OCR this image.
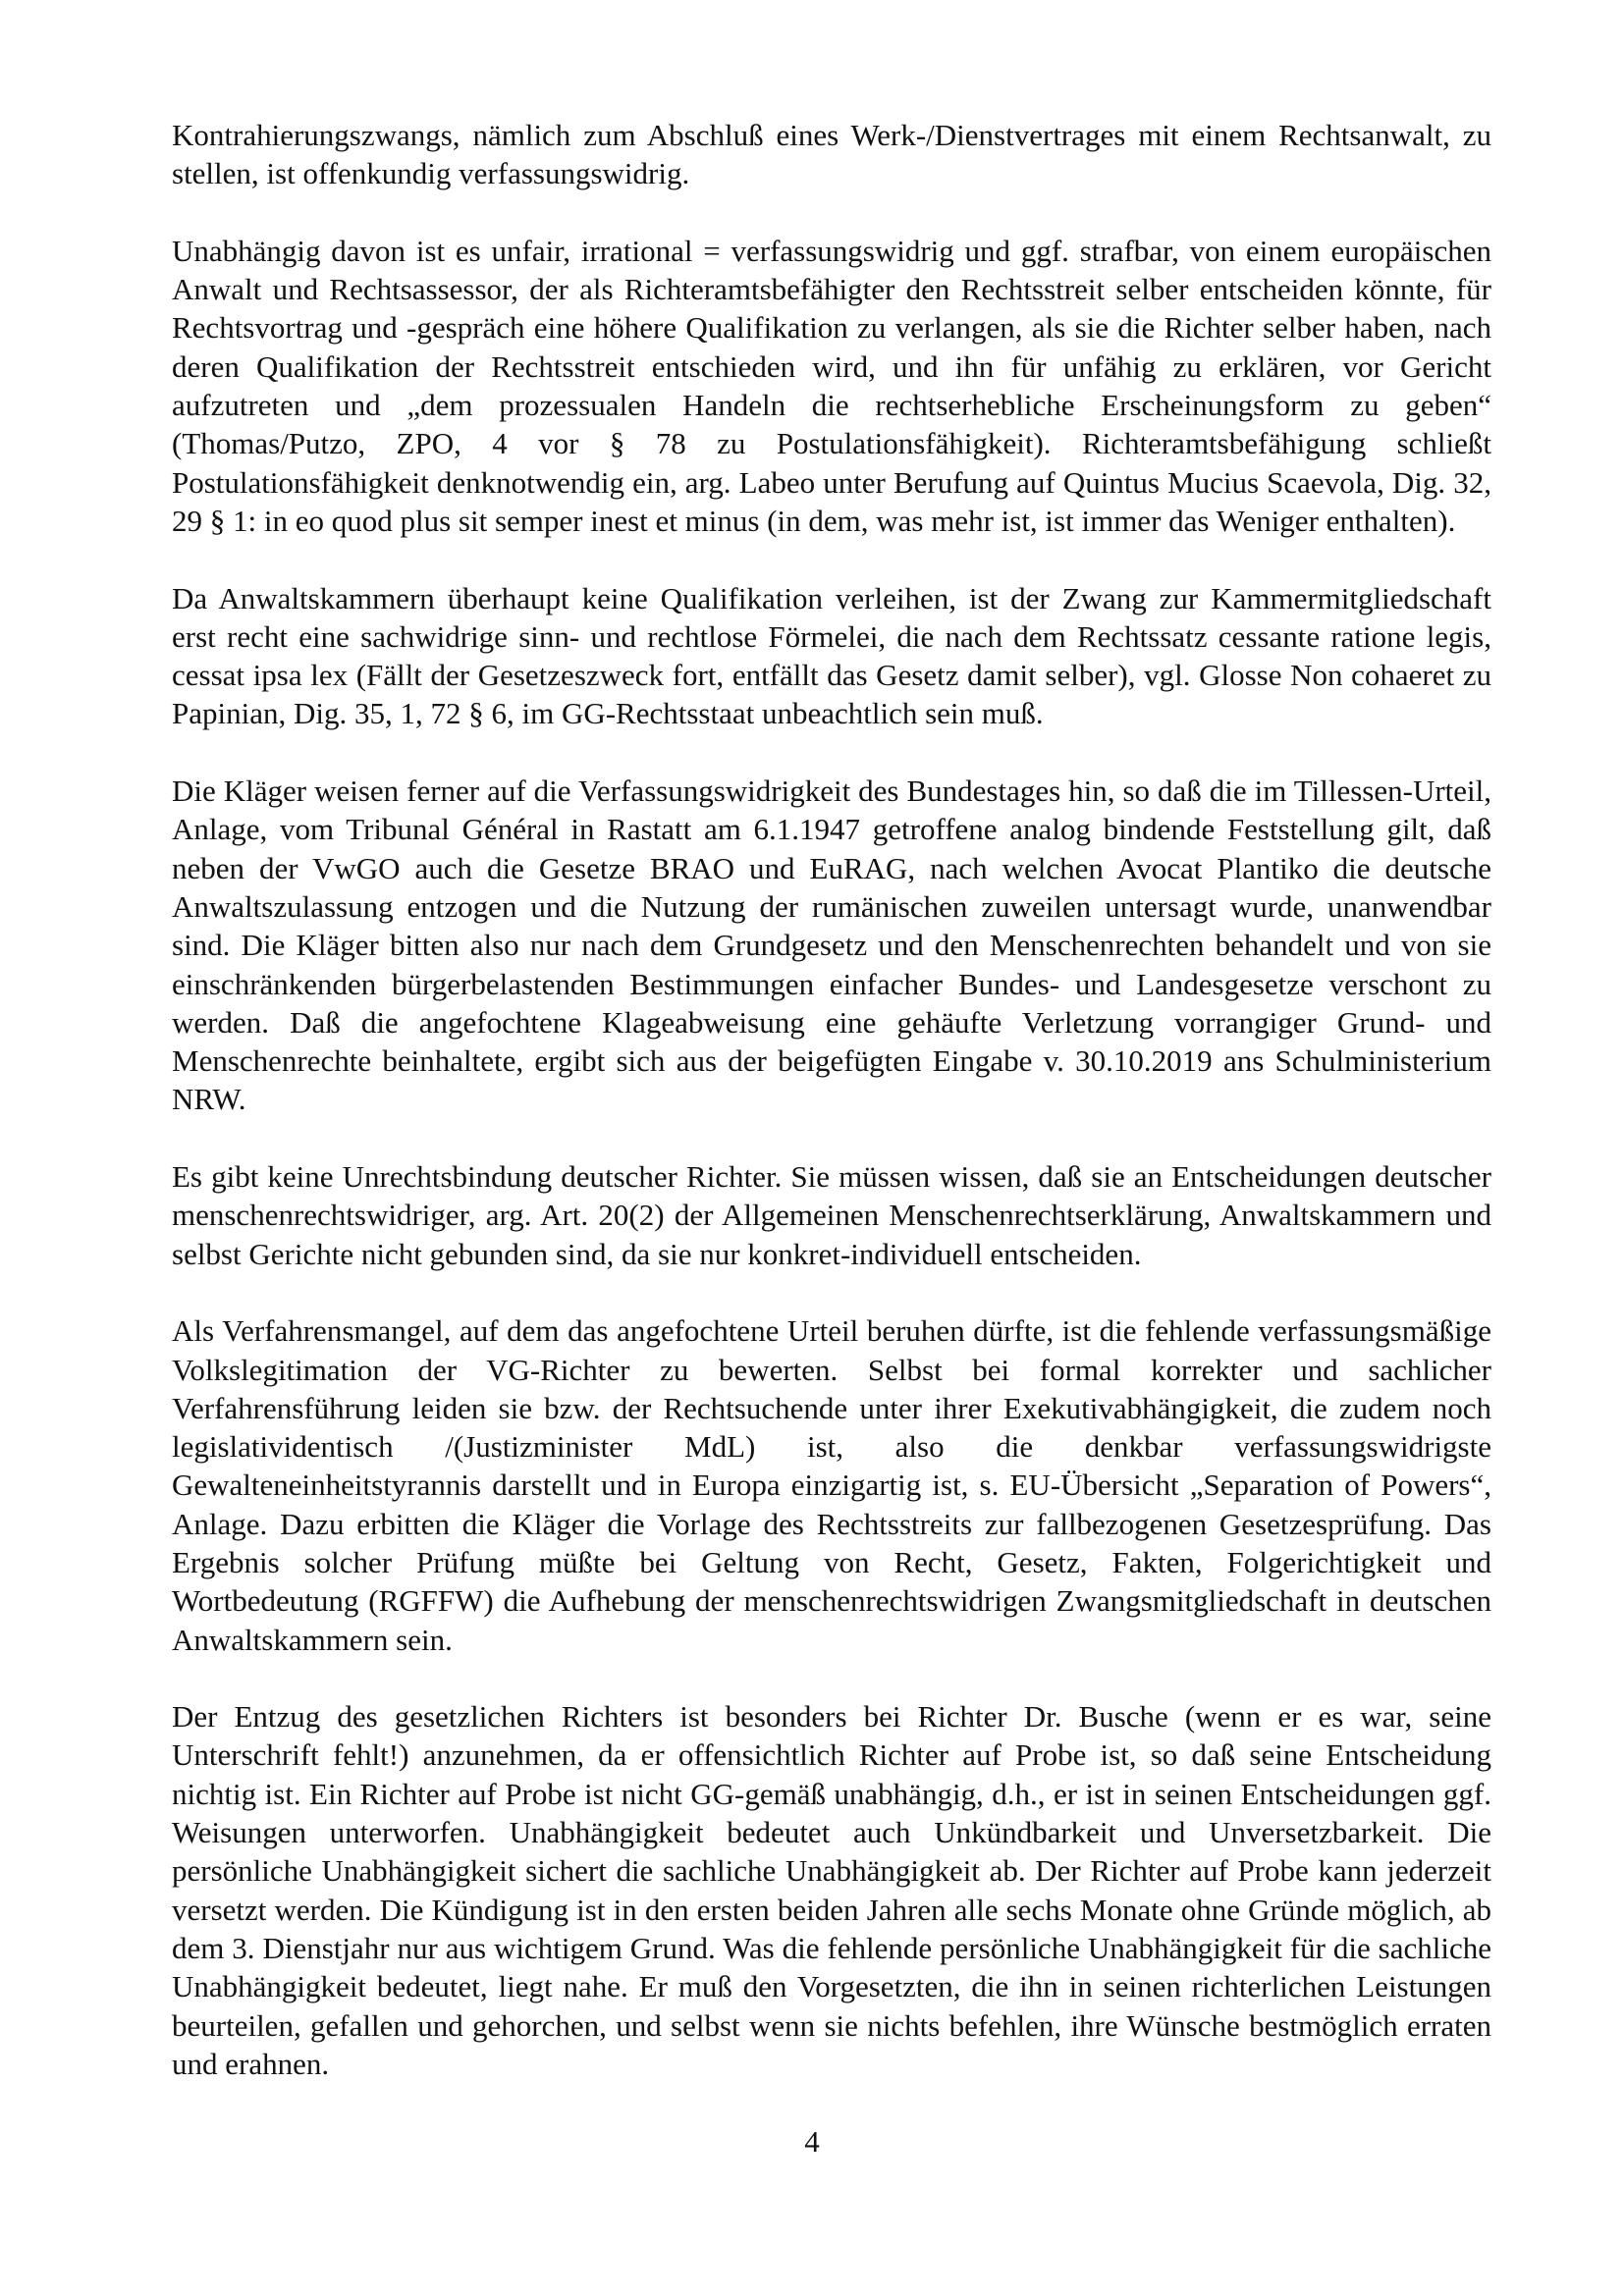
Kontrahierungszwangs, nämlich zum Abschluß eines Werk-/Dienstvertrages mit einem Rechtsanwalt, zu stellen, ist offenkundig verfassungswidrig.

Unabhängig davon ist es unfair, irrational = verfassungswidrig und ggf. strafbar, von einem europäischen Anwalt und Rechtsassessor, der als Richteramtsbefähigter den Rechtsstreit selber entscheiden könnte, für Rechtsvortrag und -gespräch eine höhere Qualifikation zu verlangen, als sie die Richter selber haben, nach deren Qualifikation der Rechtsstreit entschieden wird, und ihn für unfähig zu erklären, vor Gericht aufzutreten und „dem prozessualen Handeln die rechtserhebliche Erscheinungsform zu geben“ (Thomas/Putzo, ZPO, 4 vor § 78 zu Postulationsfähigkeit). Richteramtsbefähigung schließt Postulationsfähigkeit denknotwendig ein, arg. Labeo unter Berufung auf Quintus Mucius Scaevola, Dig. 32, 29 § 1: in eo quod plus sit semper inest et minus (in dem, was mehr ist, ist immer das Weniger enthalten).

Da Anwaltskammern überhaupt keine Qualifikation verleihen, ist der Zwang zur Kammermitgliedschaft erst recht eine sachwidrige sinn- und rechtlose Förmelei, die nach dem Rechtssatz cessante ratione legis, cessat ipsa lex (Fällt der Gesetzeszweck fort, entfällt das Gesetz damit selber), vgl. Glosse Non cohaeret zu Papinian, Dig. 35, 1, 72 § 6, im GG-Rechtsstaat unbeachtlich sein muß.

Die Kläger weisen ferner auf die Verfassungswidrigkeit des Bundestages hin, so daß die im Tillessen-Urteil, Anlage, vom Tribunal Général in Rastatt am 6.1.1947 getroffene analog bindende Feststellung gilt, daß neben der VwGO auch die Gesetze BRAO und EuRAG, nach welchen Avocat Plantiko die deutsche Anwaltszulassung entzogen und die Nutzung der rumänischen zuweilen untersagt wurde, unanwendbar sind. Die Kläger bitten also nur nach dem Grundgesetz und den Menschenrechten behandelt und von sie einschränkenden bürgerbelastenden Bestimmungen einfacher Bundes- und Landesgesetze verschont zu werden. Daß die angefochtene Klageabweisung eine gehäufte Verletzung vorrangiger Grund- und Menschenrechte beinhaltete, ergibt sich aus der beigefügten Eingabe v. 30.10.2019 ans Schulministerium NRW.

Es gibt keine Unrechtsbindung deutscher Richter. Sie müssen wissen, daß sie an Entscheidungen deutscher menschenrechtswidriger, arg. Art. 20(2) der Allgemeinen Menschenrechtserklärung, Anwaltskammern und selbst Gerichte nicht gebunden sind, da sie nur konkret-individuell entscheiden.

Als Verfahrensmangel, auf dem das angefochtene Urteil beruhen dürfte, ist die fehlende verfassungsmäßige Volkslegitimation der VG-Richter zu bewerten. Selbst bei formal korrekter und sachlicher Verfahrensführung leiden sie bzw. der Rechtsuchende unter ihrer Exekutivabhängigkeit, die zudem noch legislatividentisch /(Justizminister MdL) ist, also die denkbar verfassungswidrigste Gewalteneinheitstyrannis darstellt und in Europa einzigartig ist, s. EU-Übersicht „Separation of Powers“, Anlage. Dazu erbitten die Kläger die Vorlage des Rechtsstreits zur fallbezogenen Gesetzesprüfung. Das Ergebnis solcher Prüfung müßte bei Geltung von Recht, Gesetz, Fakten, Folgerichtigkeit und Wortbedeutung (RGFFW) die Aufhebung der menschenrechtswidrigen Zwangsmitgliedschaft in deutschen Anwaltskammern sein.

Der Entzug des gesetzlichen Richters ist besonders bei Richter Dr. Busche (wenn er es war, seine Unterschrift fehlt!) anzunehmen, da er offensichtlich Richter auf Probe ist, so daß seine Entscheidung nichtig ist. Ein Richter auf Probe ist nicht GG-gemäß unabhängig, d.h., er ist in seinen Entscheidungen ggf. Weisungen unterworfen. Unabhängigkeit bedeutet auch Unkündbarkeit und Unversetzbarkeit. Die persönliche Unabhängigkeit sichert die sachliche Unabhängigkeit ab. Der Richter auf Probe kann jederzeit versetzt werden. Die Kündigung ist in den ersten beiden Jahren alle sechs Monate ohne Gründe möglich, ab dem 3. Dienstjahr nur aus wichtigem Grund. Was die fehlende persönliche Unabhängigkeit für die sachliche Unabhängigkeit bedeutet, liegt nahe. Er muß den Vorgesetzten, die ihn in seinen richterlichen Leistungen beurteilen, gefallen und gehorchen, und selbst wenn sie nichts befehlen, ihre Wünsche bestmöglich erraten und erahnen.

4
